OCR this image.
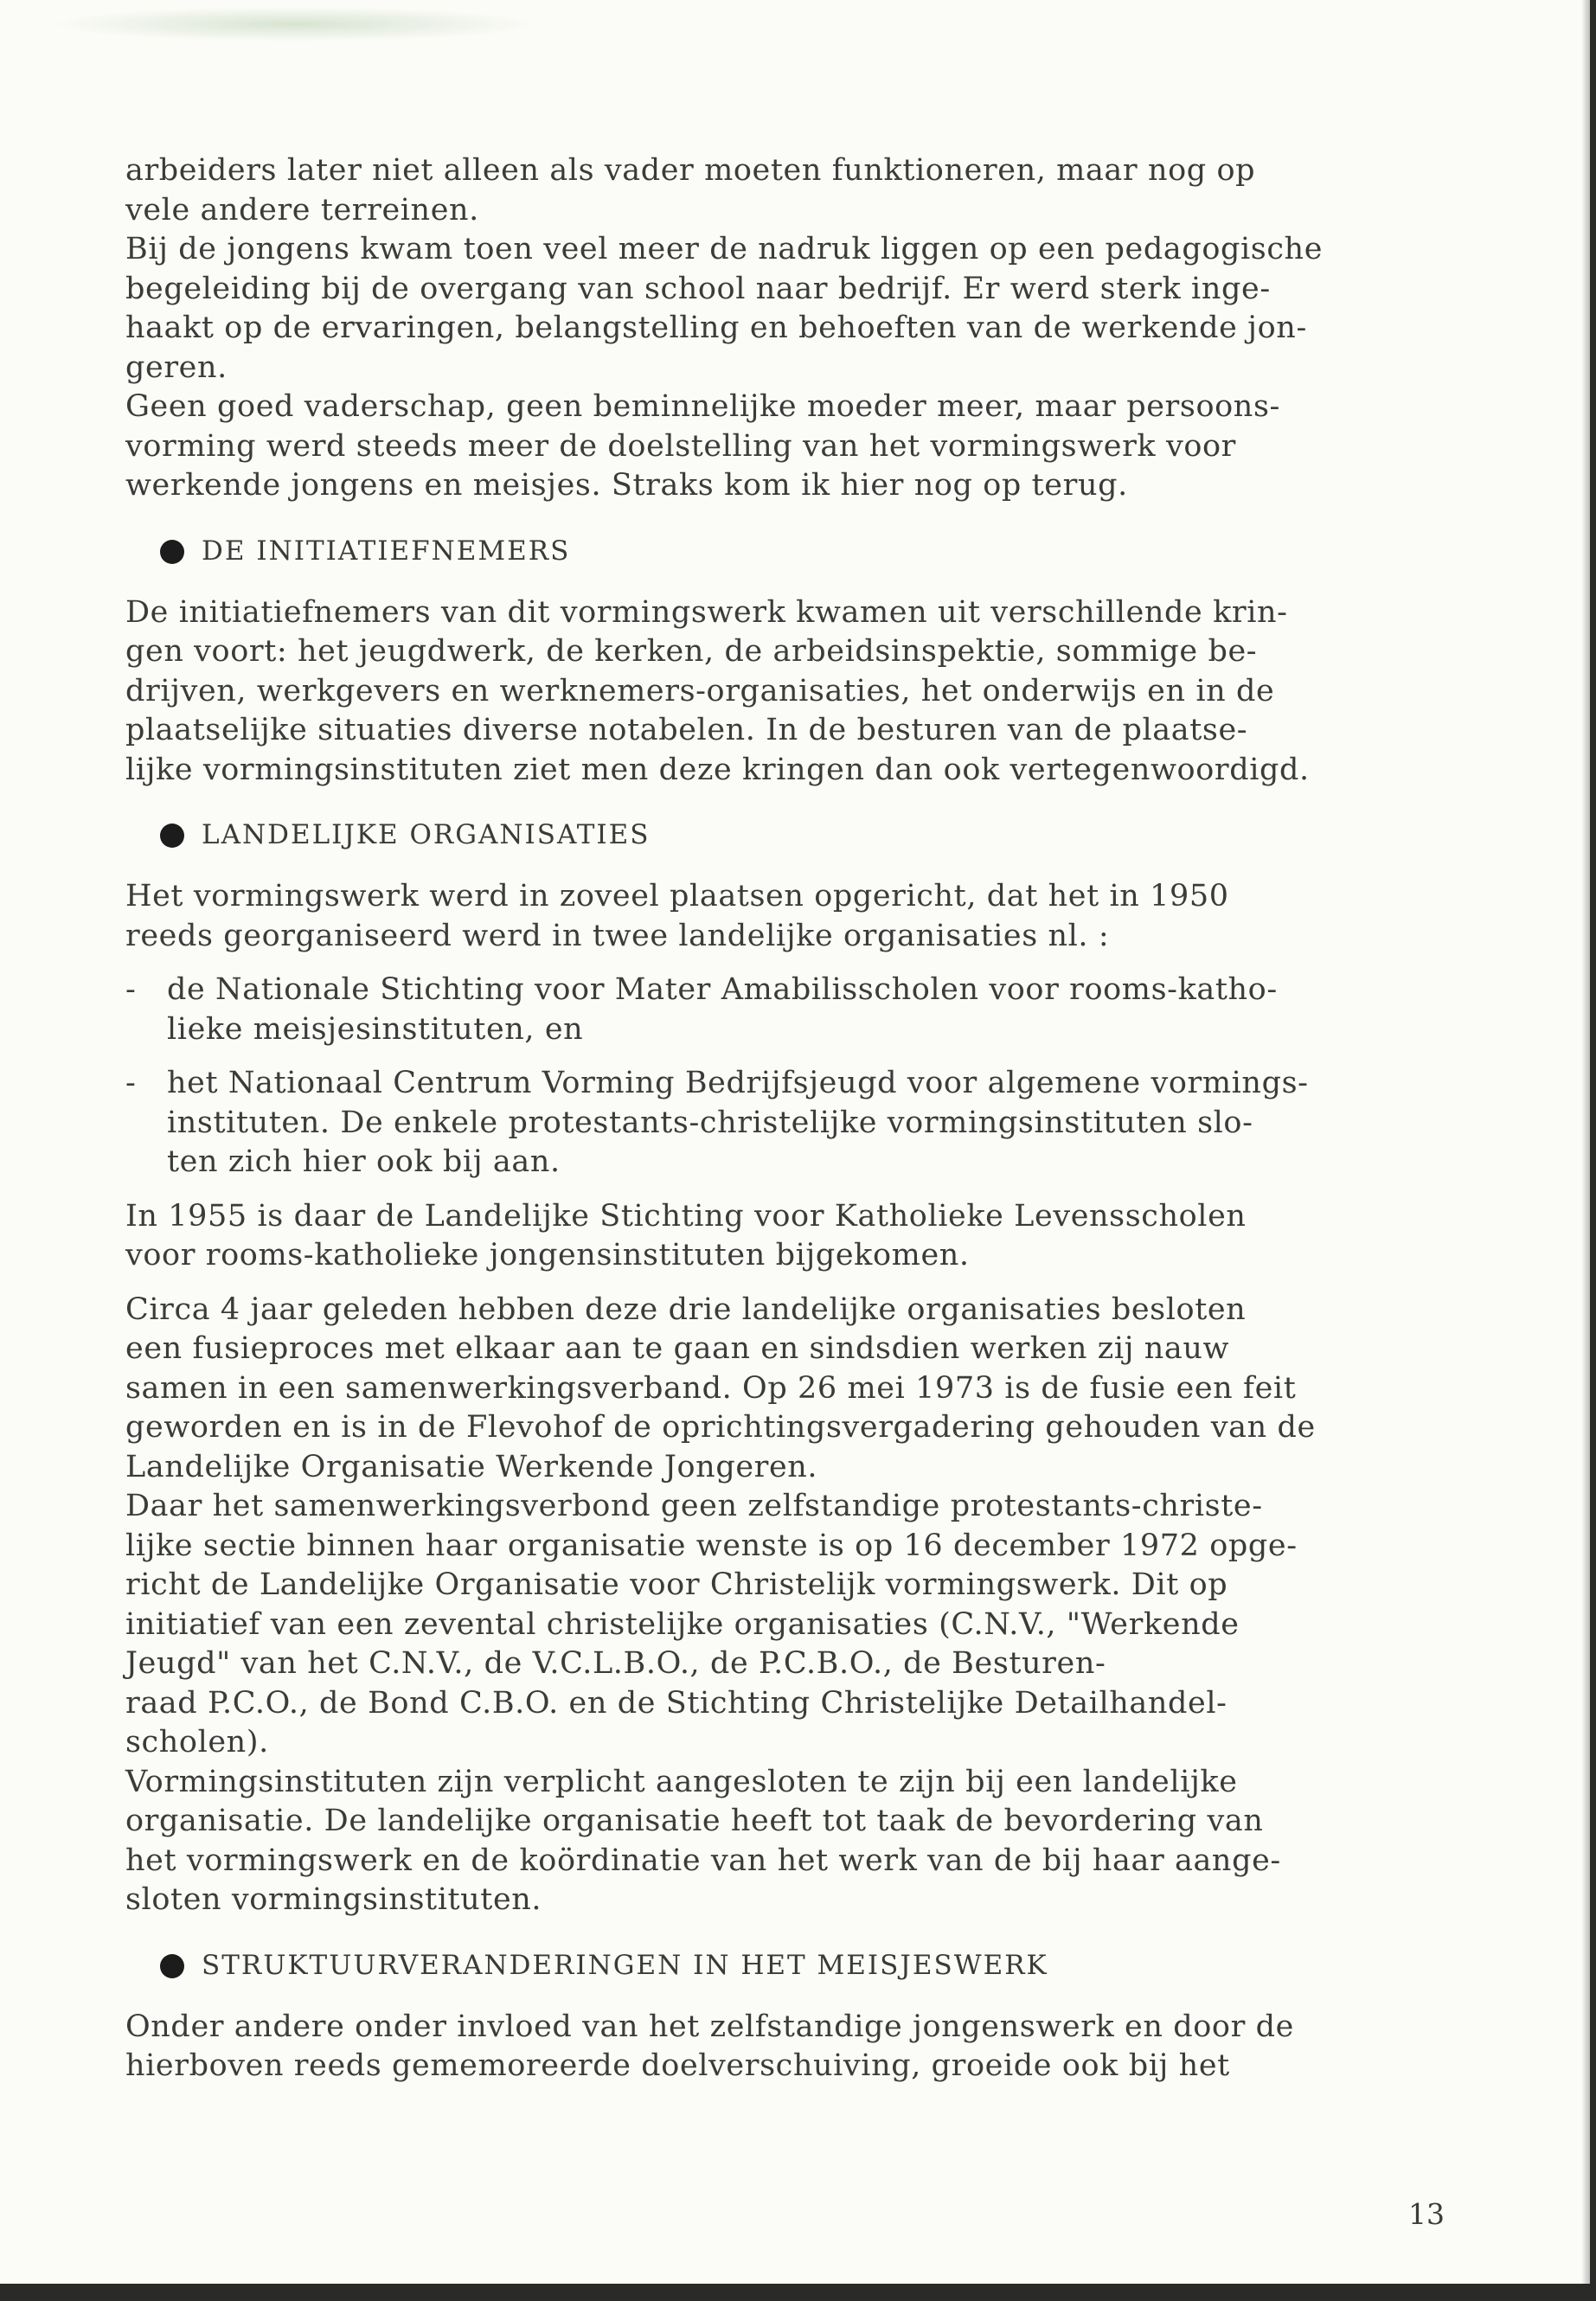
arbeiders later niet alleen als vader moeten funktioneren, maar nog op
vele andere terreinen.
Bij de jongens kwam toen veel meer de nadruk liggen op een pedagogische
begeleiding bij de overgang van school naar bedrijf. Er werd sterk inge-
haakt op de ervaringen, belangstelling en behoeften van de werkende jon-
geren.
Geen goed vaderschap, geen beminnelijke moeder meer, maar persoons-
vorming werd steeds meer de doelstelling van het vormingswerk voor
werkende jongens en meisjes. Straks kom ik hier nog op terug.
DE INITIATIEFNEMERS
De initiatiefnemers van dit vormingswerk kwamen uit verschillende krin-
gen voort: het jeugdwerk, de kerken, de arbeidsinspektie, sommige be-
drijven, werkgevers en werknemers-organisaties, het onderwijs en in de
plaatselijke situaties diverse notabelen. In de besturen van de plaatse-
lijke vormingsinstituten ziet men deze kringen dan ook vertegenwoordigd.
LANDELIJKE ORGANISATIES
Het vormingswerk werd in zoveel plaatsen opgericht, dat het in 1950
reeds georganiseerd werd in twee landelijke organisaties nl. :
-	de Nationale Stichting voor Mater Amabilisscholen voor rooms-katho-
lieke meisjesinstituten, en
-	het Nationaal Centrum Vorming Bedrijfsjeugd voor algemene vormings-
instituten. De enkele protestants-christelijke vormingsinstituten slo-
ten zich hier ook bij aan.
In 1955 is daar de Landelijke Stichting voor Katholieke Levensscholen
voor rooms-katholieke jongensinstituten bijgekomen.
Circa 4 jaar geleden hebben deze drie landelijke organisaties besloten
een fusieproces met elkaar aan te gaan en sindsdien werken zij nauw
samen in een samenwerkingsverband. Op 26 mei 1973 is de fusie een feit
geworden en is in de Flevohof de oprichtingsvergadering gehouden van de
Landelijke Organisatie Werkende Jongeren.
Daar het samenwerkingsverbond geen zelfstandige protestants-christe-
lijke sectie binnen haar organisatie wenste is op 16 december 1972 opge-
richt de Landelijke Organisatie voor Christelijk vormingswerk. Dit op
initiatief van een zevental christelijke organisaties (C.N.V., "Werkende
Jeugd" van het C.N.V., de V.C.L.B.O., de P.C.B.O., de Besturen-
raad P.C.O., de Bond C.B.O. en de Stichting Christelijke Detailhandel-
scholen).
Vormingsinstituten zijn verplicht aangesloten te zijn bij een landelijke
organisatie. De landelijke organisatie heeft tot taak de bevordering van
het vormingswerk en de koördinatie van het werk van de bij haar aange-
sloten vormingsinstituten.
STRUKTUURVERANDERINGEN IN HET MEISJESWERK
Onder andere onder invloed van het zelfstandige jongenswerk en door de
hierboven reeds gememoreerde doelverschuiving, groeide ook bij het
13
